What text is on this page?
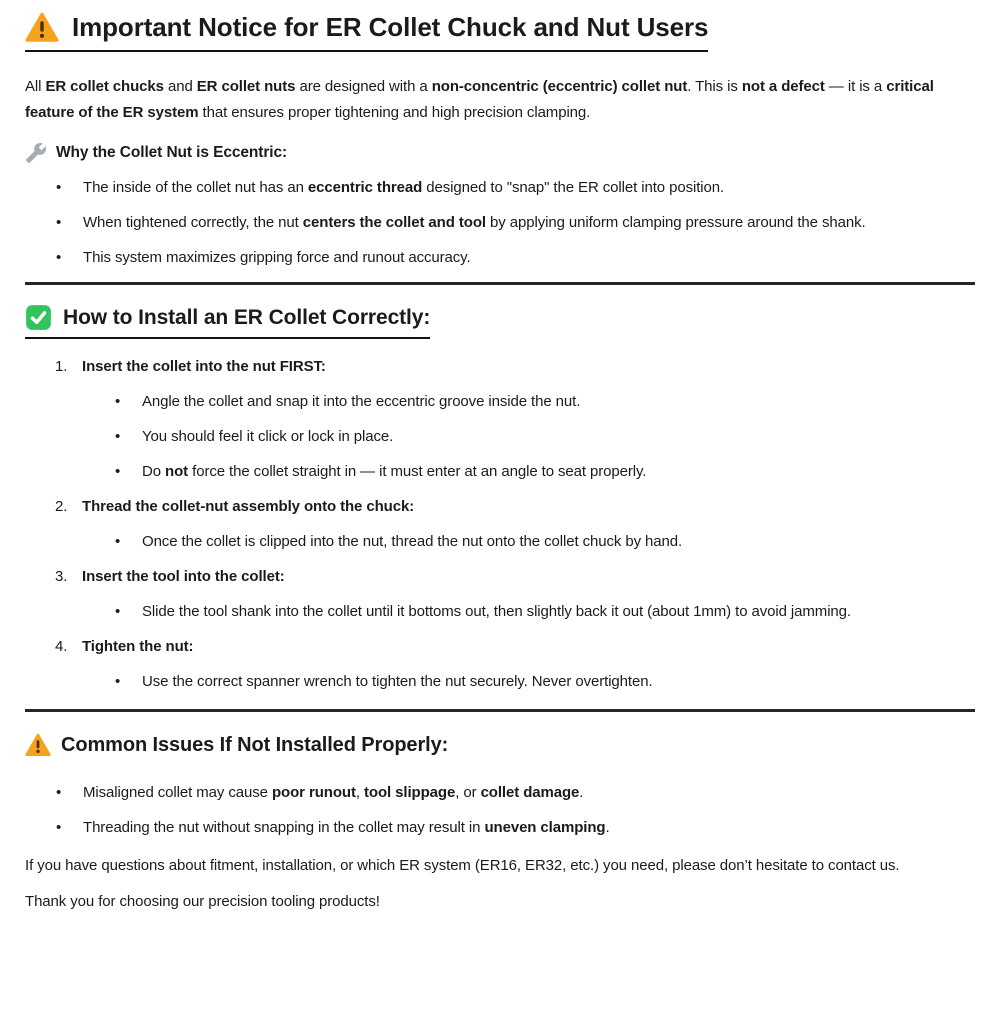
Important Notice for ER Collet Chuck and Nut Users

All ER collet chucks and ER collet nuts are designed with a non-concentric (eccentric) collet nut. This is not a defect — it is a critical feature of the ER system that ensures proper tightening and high precision clamping.

Why the Collet Nut is Eccentric:
• The inside of the collet nut has an eccentric thread designed to "snap" the ER collet into position.
• When tightened correctly, the nut centers the collet and tool by applying uniform clamping pressure around the shank.
• This system maximizes gripping force and runout accuracy.
How to Install an ER Collet Correctly:
1. Insert the collet into the nut FIRST:
• Angle the collet and snap it into the eccentric groove inside the nut.
• You should feel it click or lock in place.
• Do not force the collet straight in — it must enter at an angle to seat properly.
2. Thread the collet-nut assembly onto the chuck:
• Once the collet is clipped into the nut, thread the nut onto the collet chuck by hand.
3. Insert the tool into the collet:
• Slide the tool shank into the collet until it bottoms out, then slightly back it out (about 1mm) to avoid jamming.
4. Tighten the nut:
• Use the correct spanner wrench to tighten the nut securely. Never overtighten.
Common Issues If Not Installed Properly:
• Misaligned collet may cause poor runout, tool slippage, or collet damage.
• Threading the nut without snapping in the collet may result in uneven clamping.

If you have questions about fitment, installation, or which ER system (ER16, ER32, etc.) you need, please don’t hesitate to contact us.

Thank you for choosing our precision tooling products!
